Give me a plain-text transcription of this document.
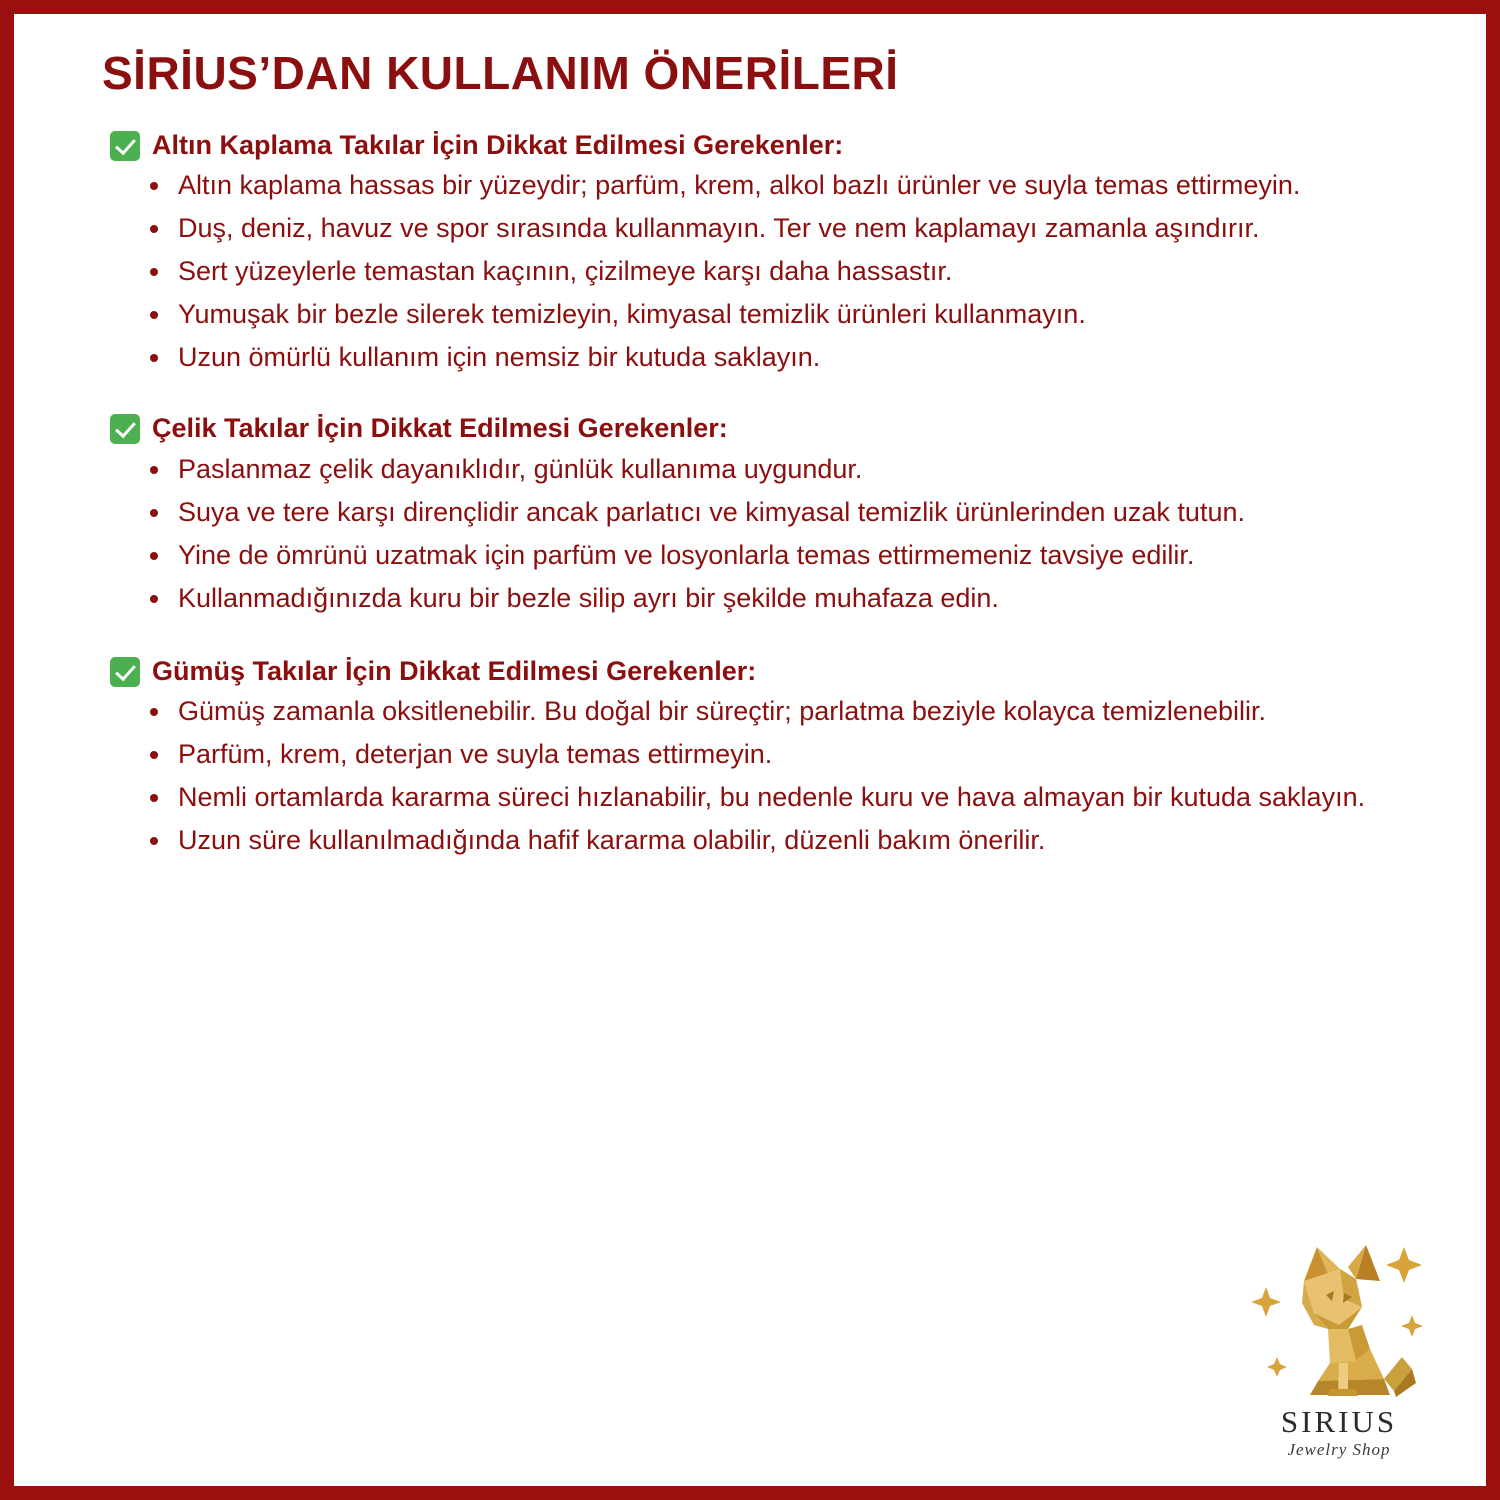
SİRİUS’DAN KULLANIM ÖNERİLERİ
Altın Kaplama Takılar İçin Dikkat Edilmesi Gerekenler:
Altın kaplama hassas bir yüzeydir; parfüm, krem, alkol bazlı ürünler ve suyla temas ettirmeyin.
Duş, deniz, havuz ve spor sırasında kullanmayın. Ter ve nem kaplamayı zamanla aşındırır.
Sert yüzeylerle temastan kaçının, çizilmeye karşı daha hassastır.
Yumuşak bir bezle silerek temizleyin, kimyasal temizlik ürünleri kullanmayın.
Uzun ömürlü kullanım için nemsiz bir kutuda saklayın.
Çelik Takılar İçin Dikkat Edilmesi Gerekenler:
Paslanmaz çelik dayanıklıdır, günlük kullanıma uygundur.
Suya ve tere karşı dirençlidir ancak parlatıcı ve kimyasal temizlik ürünlerinden uzak tutun.
Yine de ömrünü uzatmak için parfüm ve losyonlarla temas ettirmemeniz tavsiye edilir.
Kullanmadığınızda kuru bir bezle silip ayrı bir şekilde muhafaza edin.
Gümüş Takılar İçin Dikkat Edilmesi Gerekenler:
Gümüş zamanla oksitlenebilir. Bu doğal bir süreçtir; parlatma beziyle kolayca temizlenebilir.
Parfüm, krem, deterjan ve suyla temas ettirmeyin.
Nemli ortamlarda kararma süreci hızlanabilir, bu nedenle kuru ve hava almayan bir kutuda saklayın.
Uzun süre kullanılmadığında hafif kararma olabilir, düzenli bakım önerilir.
SIRIUS
Jewelry Shop
